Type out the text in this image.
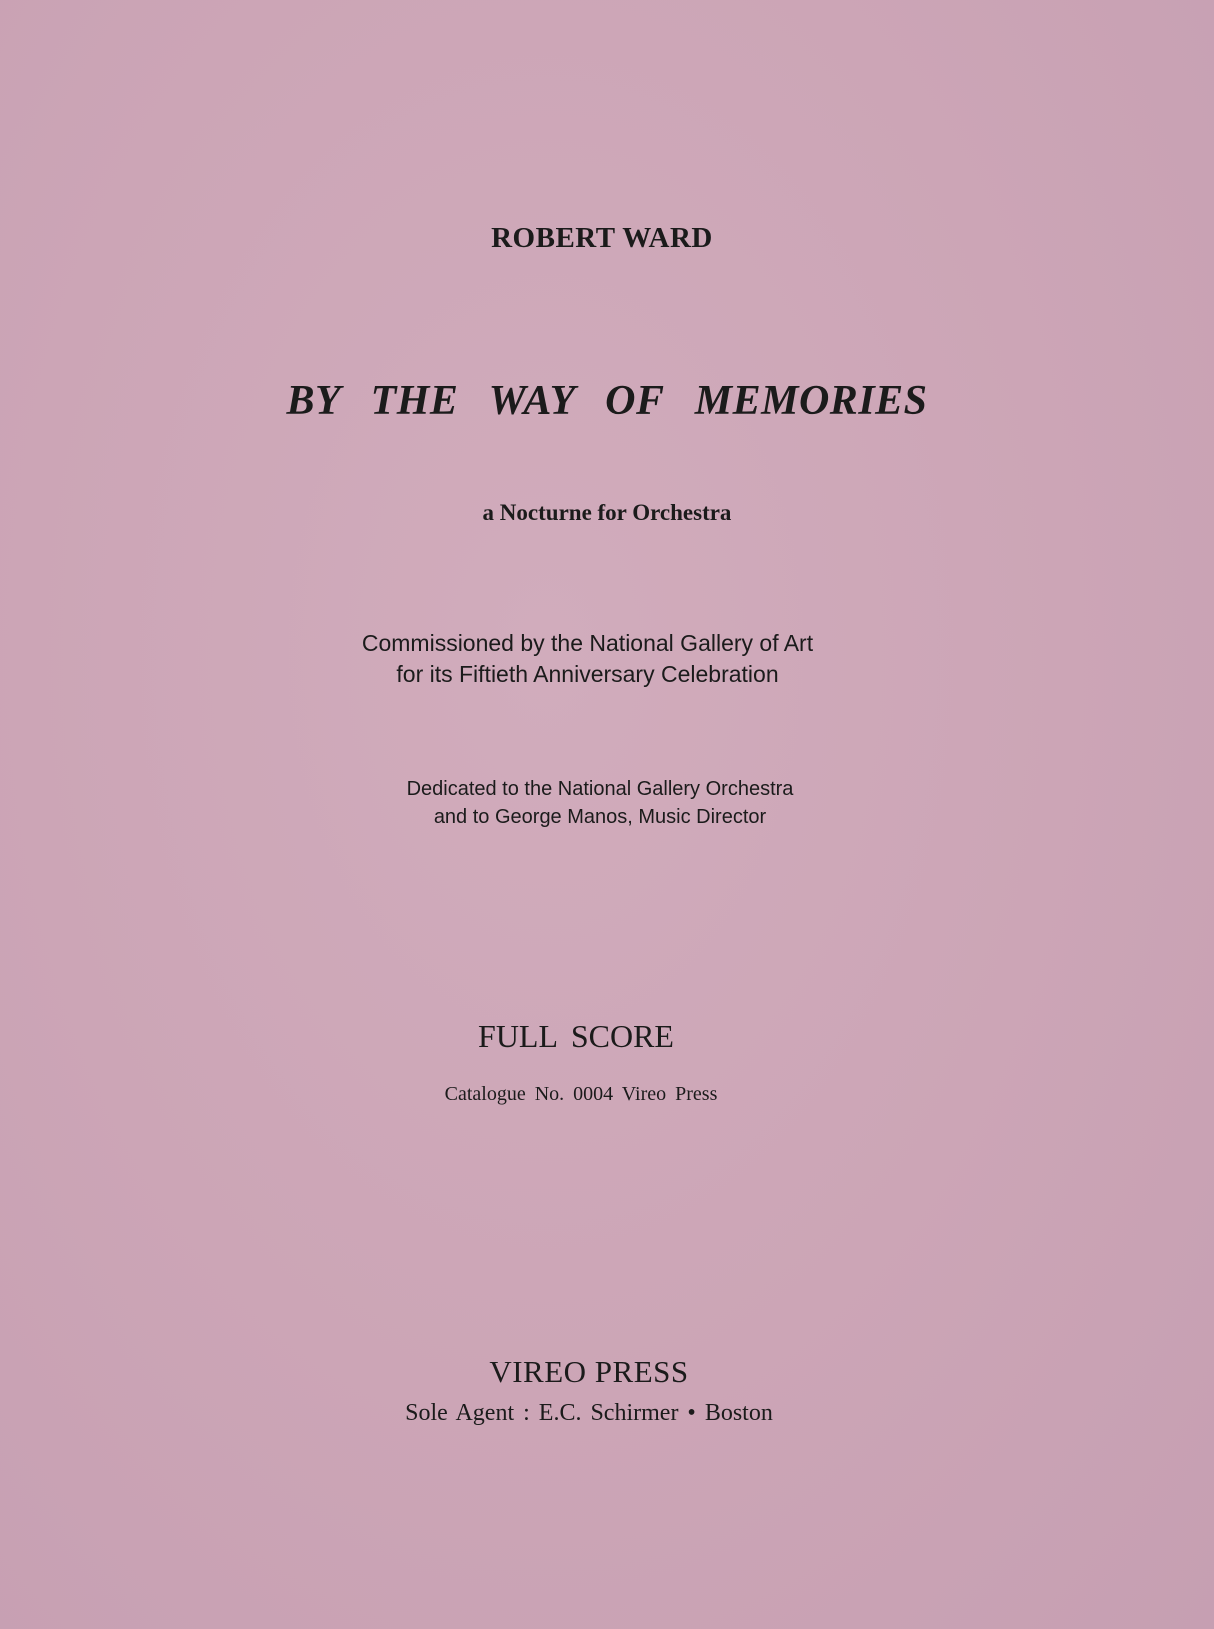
ROBERT WARD
BY THE WAY OF MEMORIES
a Nocturne for Orchestra
Commissioned by the National Gallery of Art
for its Fiftieth Anniversary Celebration
Dedicated to the National Gallery Orchestra
and to George Manos, Music Director
FULL SCORE
Catalogue No. 0004 Vireo Press
VIREO PRESS
Sole Agent : E.C. Schirmer • Boston
